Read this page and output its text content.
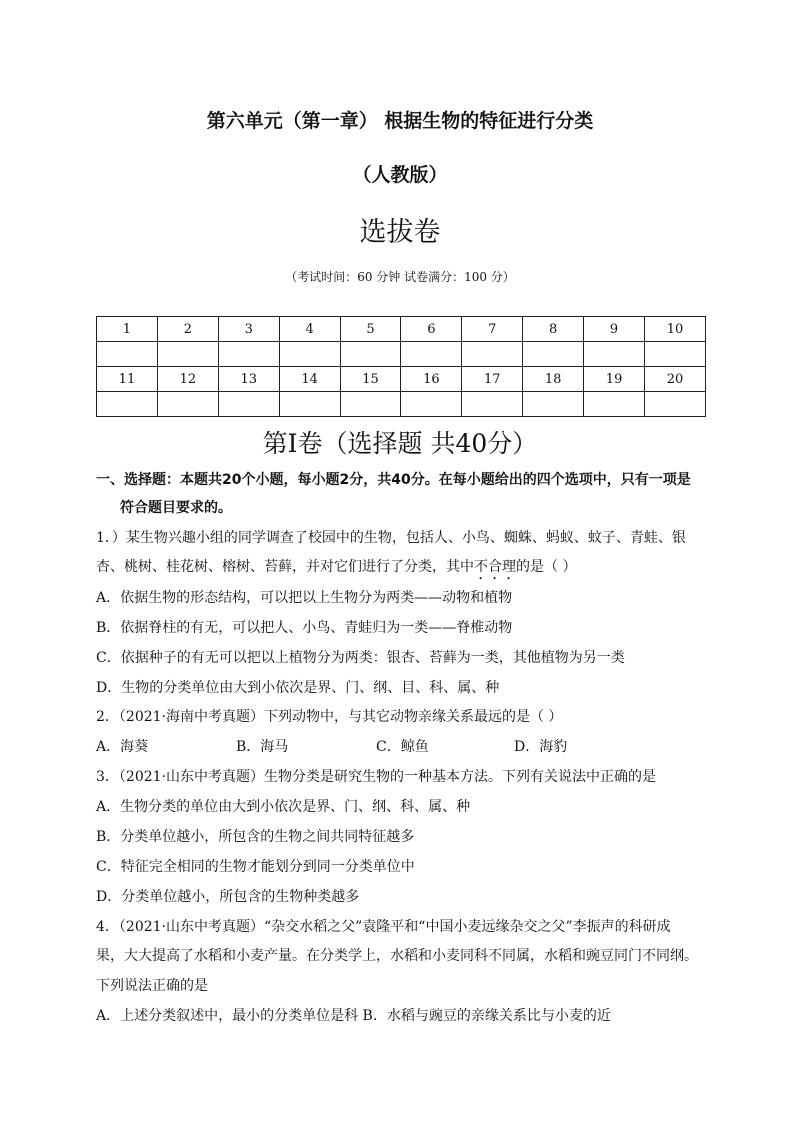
第六单元（第一章） 根据生物的特征进行分类
（人教版）
选拔卷
（考试时间：60 分钟 试卷满分：100 分）
1	2	3	4	5	6	7	8	9	10

11	12	13	14	15	16	17	18	19	20

第Ⅰ卷（选择题 共40分）
一、选择题：本题共20个小题，每小题2分，共40分。在每小题给出的四个选项中，只有一项是
符合题目要求的。
1．）某生物兴趣小组的同学调查了校园中的生物，包括人、小鸟、蜘蛛、蚂蚁、蚊子、青蛙、银
杏、桃树、桂花树、榕树、苔藓，并对它们进行了分类，其中不合理的是（ ）
A．依据生物的形态结构，可以把以上生物分为两类——动物和植物
B．依据脊柱的有无，可以把人、小鸟、青蛙归为一类——脊椎动物
C．依据种子的有无可以把以上植物分为两类：银杏、苔藓为一类，其他植物为另一类
D．生物的分类单位由大到小依次是界、门、纲、目、科、属、种
2．（2021·海南中考真题）下列动物中，与其它动物亲缘关系最远的是（ ）
A．海葵	B．海马	C．鲸鱼	D．海豹
3．（2021·山东中考真题）生物分类是研究生物的一种基本方法。下列有关说法中正确的是
A．生物分类的单位由大到小依次是界、门、纲、科、属、种
B．分类单位越小，所包含的生物之间共同特征越多
C．特征完全相同的生物才能划分到同一分类单位中
D．分类单位越小，所包含的生物种类越多
4．（2021·山东中考真题）“杂交水稻之父”袁隆平和“中国小麦远缘杂交之父”李振声的科研成
果，大大提高了水稻和小麦产量。在分类学上，水稻和小麦同科不同属，水稻和豌豆同门不同纲。
下列说法正确的是
A．上述分类叙述中，最小的分类单位是科 B．水稻与豌豆的亲缘关系比与小麦的近
